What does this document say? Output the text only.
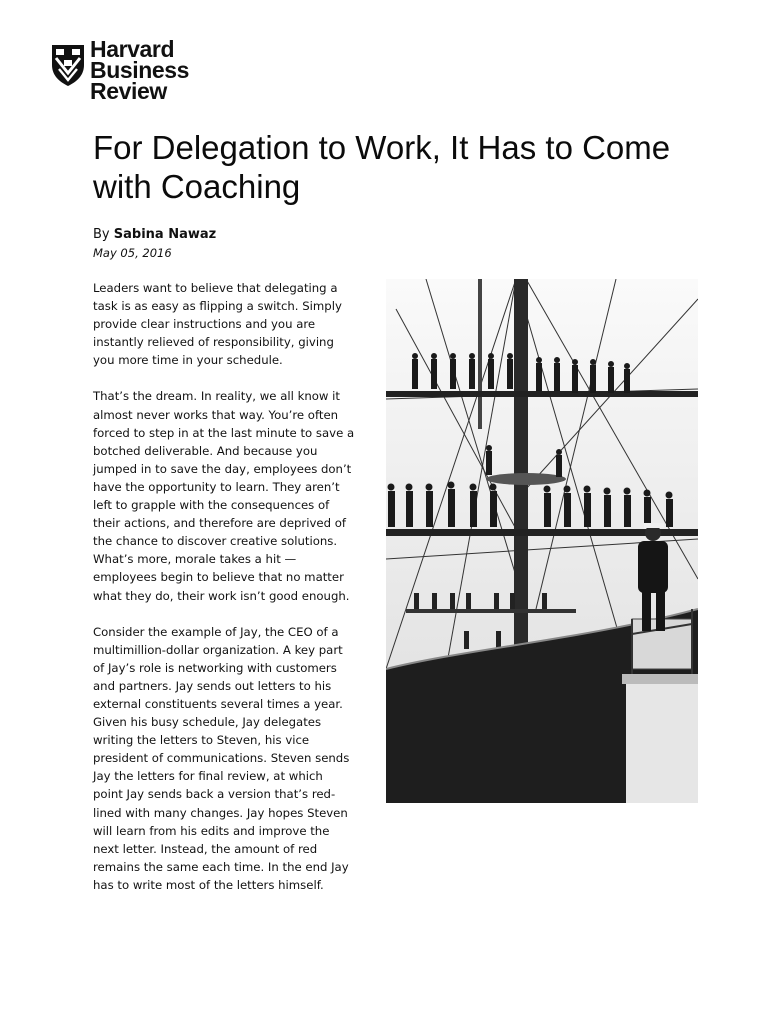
Harvard
Business
Review
For Delegation to Work, It Has to Come with Coaching
By Sabina Nawaz
May 05, 2016

Leaders want to believe that delegating a
task is as easy as flipping a switch. Simply
provide clear instructions and you are
instantly relieved of responsibility, giving
you more time in your schedule.

That’s the dream. In reality, we all know it
almost never works that way. You’re often
forced to step in at the last minute to save a
botched deliverable. And because you
jumped in to save the day, employees don’t
have the opportunity to learn. They aren’t
left to grapple with the consequences of
their actions, and therefore are deprived of
the chance to discover creative solutions.
What’s more, morale takes a hit —
employees begin to believe that no matter
what they do, their work isn’t good enough.

Consider the example of Jay, the CEO of a
multimillion-dollar organization. A key part
of Jay’s role is networking with customers
and partners. Jay sends out letters to his
external constituents several times a year.
Given his busy schedule, Jay delegates
writing the letters to Steven, his vice
president of communications. Steven sends
Jay the letters for final review, at which
point Jay sends back a version that’s red-
lined with many changes. Jay hopes Steven
will learn from his edits and improve the
next letter. Instead, the amount of red
remains the same each time. In the end Jay
has to write most of the letters himself.
